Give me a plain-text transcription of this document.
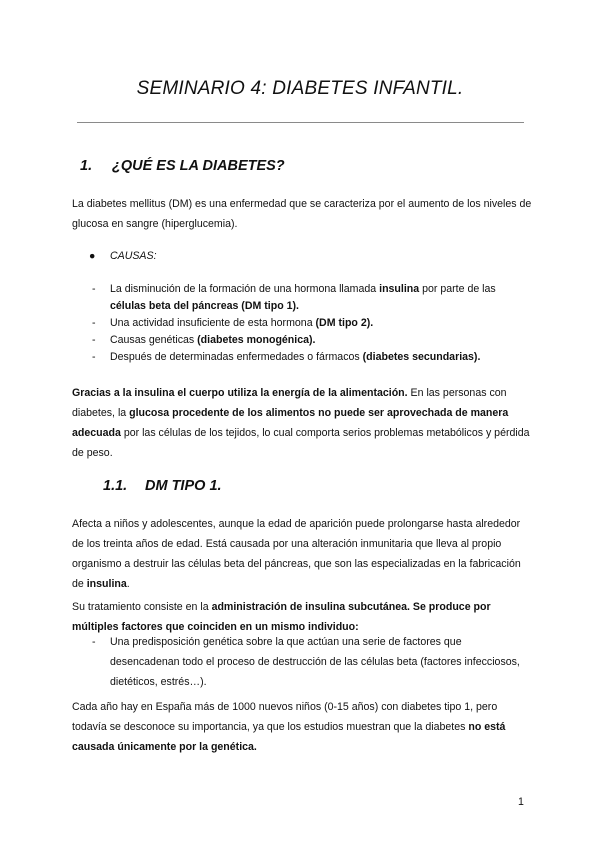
SEMINARIO 4: DIABETES INFANTIL.
1. ¿QUÉ ES LA DIABETES?
La diabetes mellitus (DM) es una enfermedad que se caracteriza por el aumento de los niveles de glucosa en sangre (hiperglucemia).
● CAUSAS:
- La disminución de la formación de una hormona llamada insulina por parte de las células beta del páncreas (DM tipo 1).
- Una actividad insuficiente de esta hormona (DM tipo 2).
- Causas genéticas (diabetes monogénica).
- Después de determinadas enfermedades o fármacos (diabetes secundarias).
Gracias a la insulina el cuerpo utiliza la energía de la alimentación. En las personas con diabetes, la glucosa procedente de los alimentos no puede ser aprovechada de manera adecuada por las células de los tejidos, lo cual comporta serios problemas metabólicos y pérdida de peso.
1.1. DM TIPO 1.
Afecta a niños y adolescentes, aunque la edad de aparición puede prolongarse hasta alrededor de los treinta años de edad. Está causada por una alteración inmunitaria que lleva al propio organismo a destruir las células beta del páncreas, que son las especializadas en la fabricación de insulina.
Su tratamiento consiste en la administración de insulina subcutánea. Se produce por múltiples factores que coinciden en un mismo individuo:
- Una predisposición genética sobre la que actúan una serie de factores que desencadenan todo el proceso de destrucción de las células beta (factores infecciosos, dietéticos, estrés…).
Cada año hay en España más de 1000 nuevos niños (0-15 años) con diabetes tipo 1, pero todavía se desconoce su importancia, ya que los estudios muestran que la diabetes no está causada únicamente por la genética.
1
